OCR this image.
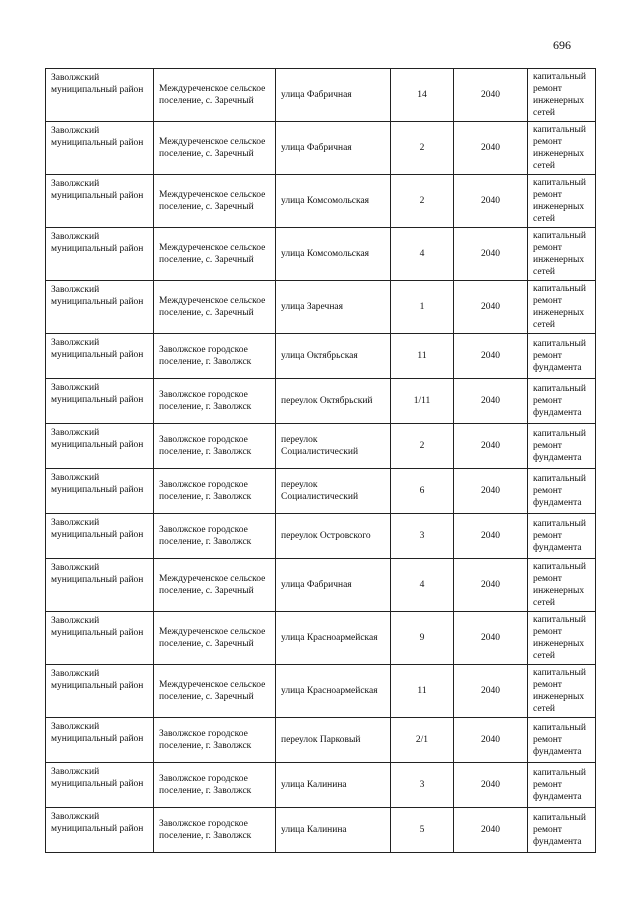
696
Заволжский муниципальный район	Междуреченское сельское поселение, с. Заречный	улица Фабричная	14	2040	капитальный ремонт инженерных сетей
Заволжский муниципальный район	Междуреченское сельское поселение, с. Заречный	улица Фабричная	2	2040	капитальный ремонт инженерных сетей
Заволжский муниципальный район	Междуреченское сельское поселение, с. Заречный	улица Комсомольская	2	2040	капитальный ремонт инженерных сетей
Заволжский муниципальный район	Междуреченское сельское поселение, с. Заречный	улица Комсомольская	4	2040	капитальный ремонт инженерных сетей
Заволжский муниципальный район	Междуреченское сельское поселение, с. Заречный	улица Заречная	1	2040	капитальный ремонт инженерных сетей
Заволжский муниципальный район	Заволжское городское поселение, г. Заволжск	улица Октябрьская	11	2040	капитальный ремонт фундамента
Заволжский муниципальный район	Заволжское городское поселение, г. Заволжск	переулок Октябрьский	1/11	2040	капитальный ремонт фундамента
Заволжский муниципальный район	Заволжское городское поселение, г. Заволжск	переулок Социалистический	2	2040	капитальный ремонт фундамента
Заволжский муниципальный район	Заволжское городское поселение, г. Заволжск	переулок Социалистический	6	2040	капитальный ремонт фундамента
Заволжский муниципальный район	Заволжское городское поселение, г. Заволжск	переулок Островского	3	2040	капитальный ремонт фундамента
Заволжский муниципальный район	Междуреченское сельское поселение, с. Заречный	улица Фабричная	4	2040	капитальный ремонт инженерных сетей
Заволжский муниципальный район	Междуреченское сельское поселение, с. Заречный	улица Красноармейская	9	2040	капитальный ремонт инженерных сетей
Заволжский муниципальный район	Междуреченское сельское поселение, с. Заречный	улица Красноармейская	11	2040	капитальный ремонт инженерных сетей
Заволжский муниципальный район	Заволжское городское поселение, г. Заволжск	переулок Парковый	2/1	2040	капитальный ремонт фундамента
Заволжский муниципальный район	Заволжское городское поселение, г. Заволжск	улица Калинина	3	2040	капитальный ремонт фундамента
Заволжский муниципальный район	Заволжское городское поселение, г. Заволжск	улица Калинина	5	2040	капитальный ремонт фундамента
